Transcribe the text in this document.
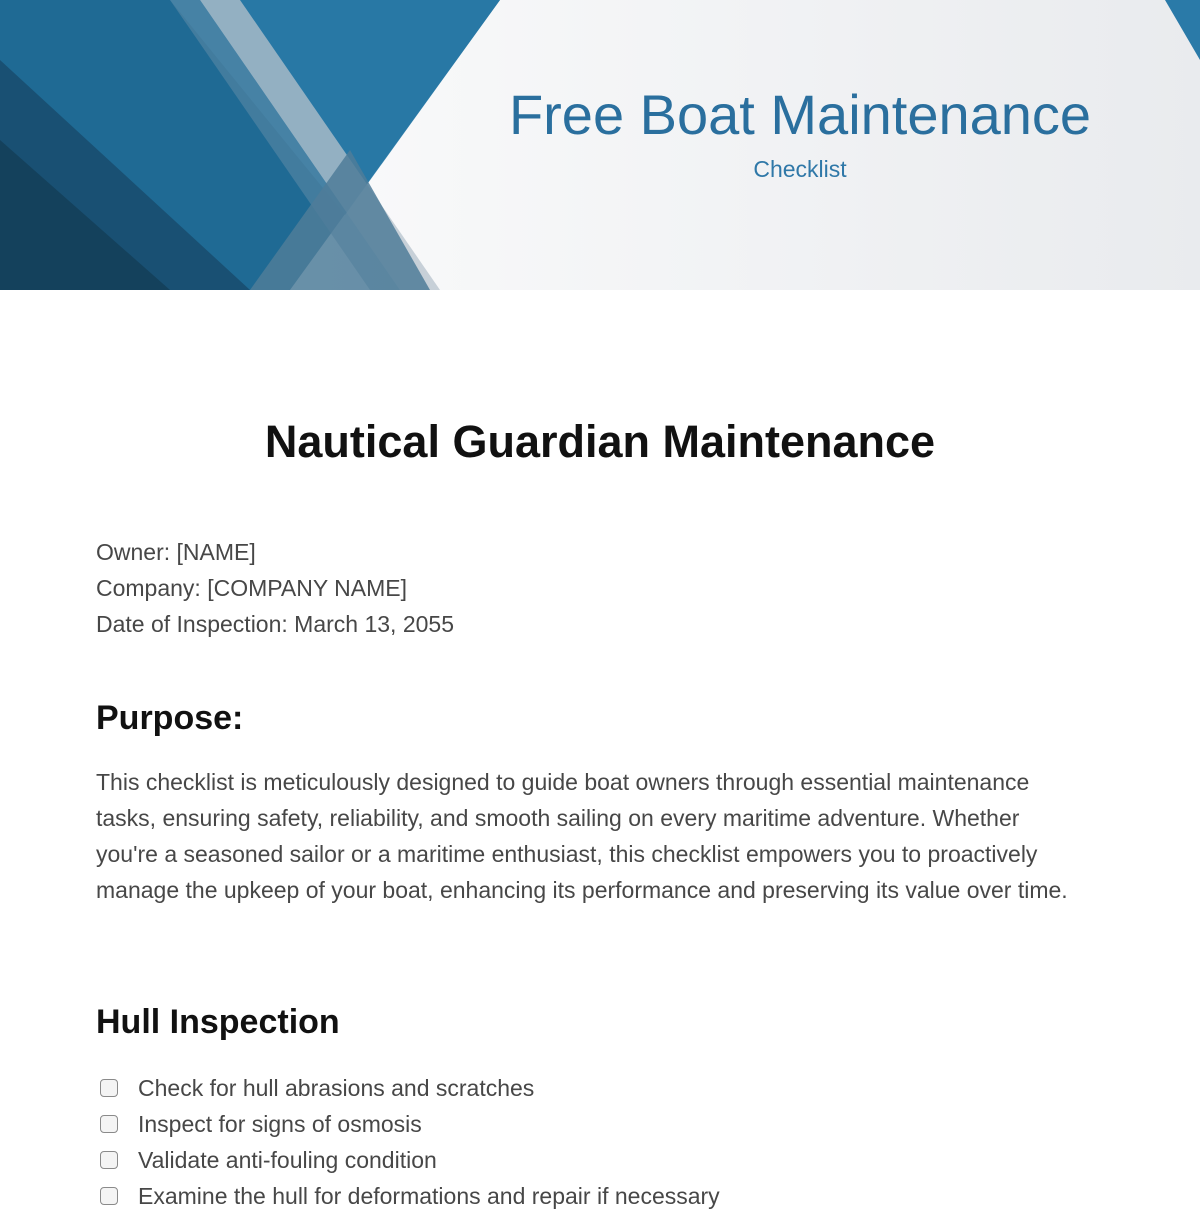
Free Boat Maintenance
Checklist
Nautical Guardian Maintenance
Owner: [NAME]
Company: [COMPANY NAME]
Date of Inspection: March 13, 2055
Purpose:

This checklist is meticulously designed to guide boat owners through essential maintenance tasks, ensuring safety, reliability, and smooth sailing on every maritime adventure. Whether you're a seasoned sailor or a maritime enthusiast, this checklist empowers you to proactively manage the upkeep of your boat, enhancing its performance and preserving its value over time.

Hull Inspection
Check for hull abrasions and scratches
Inspect for signs of osmosis
Validate anti-fouling condition
Examine the hull for deformations and repair if necessary
